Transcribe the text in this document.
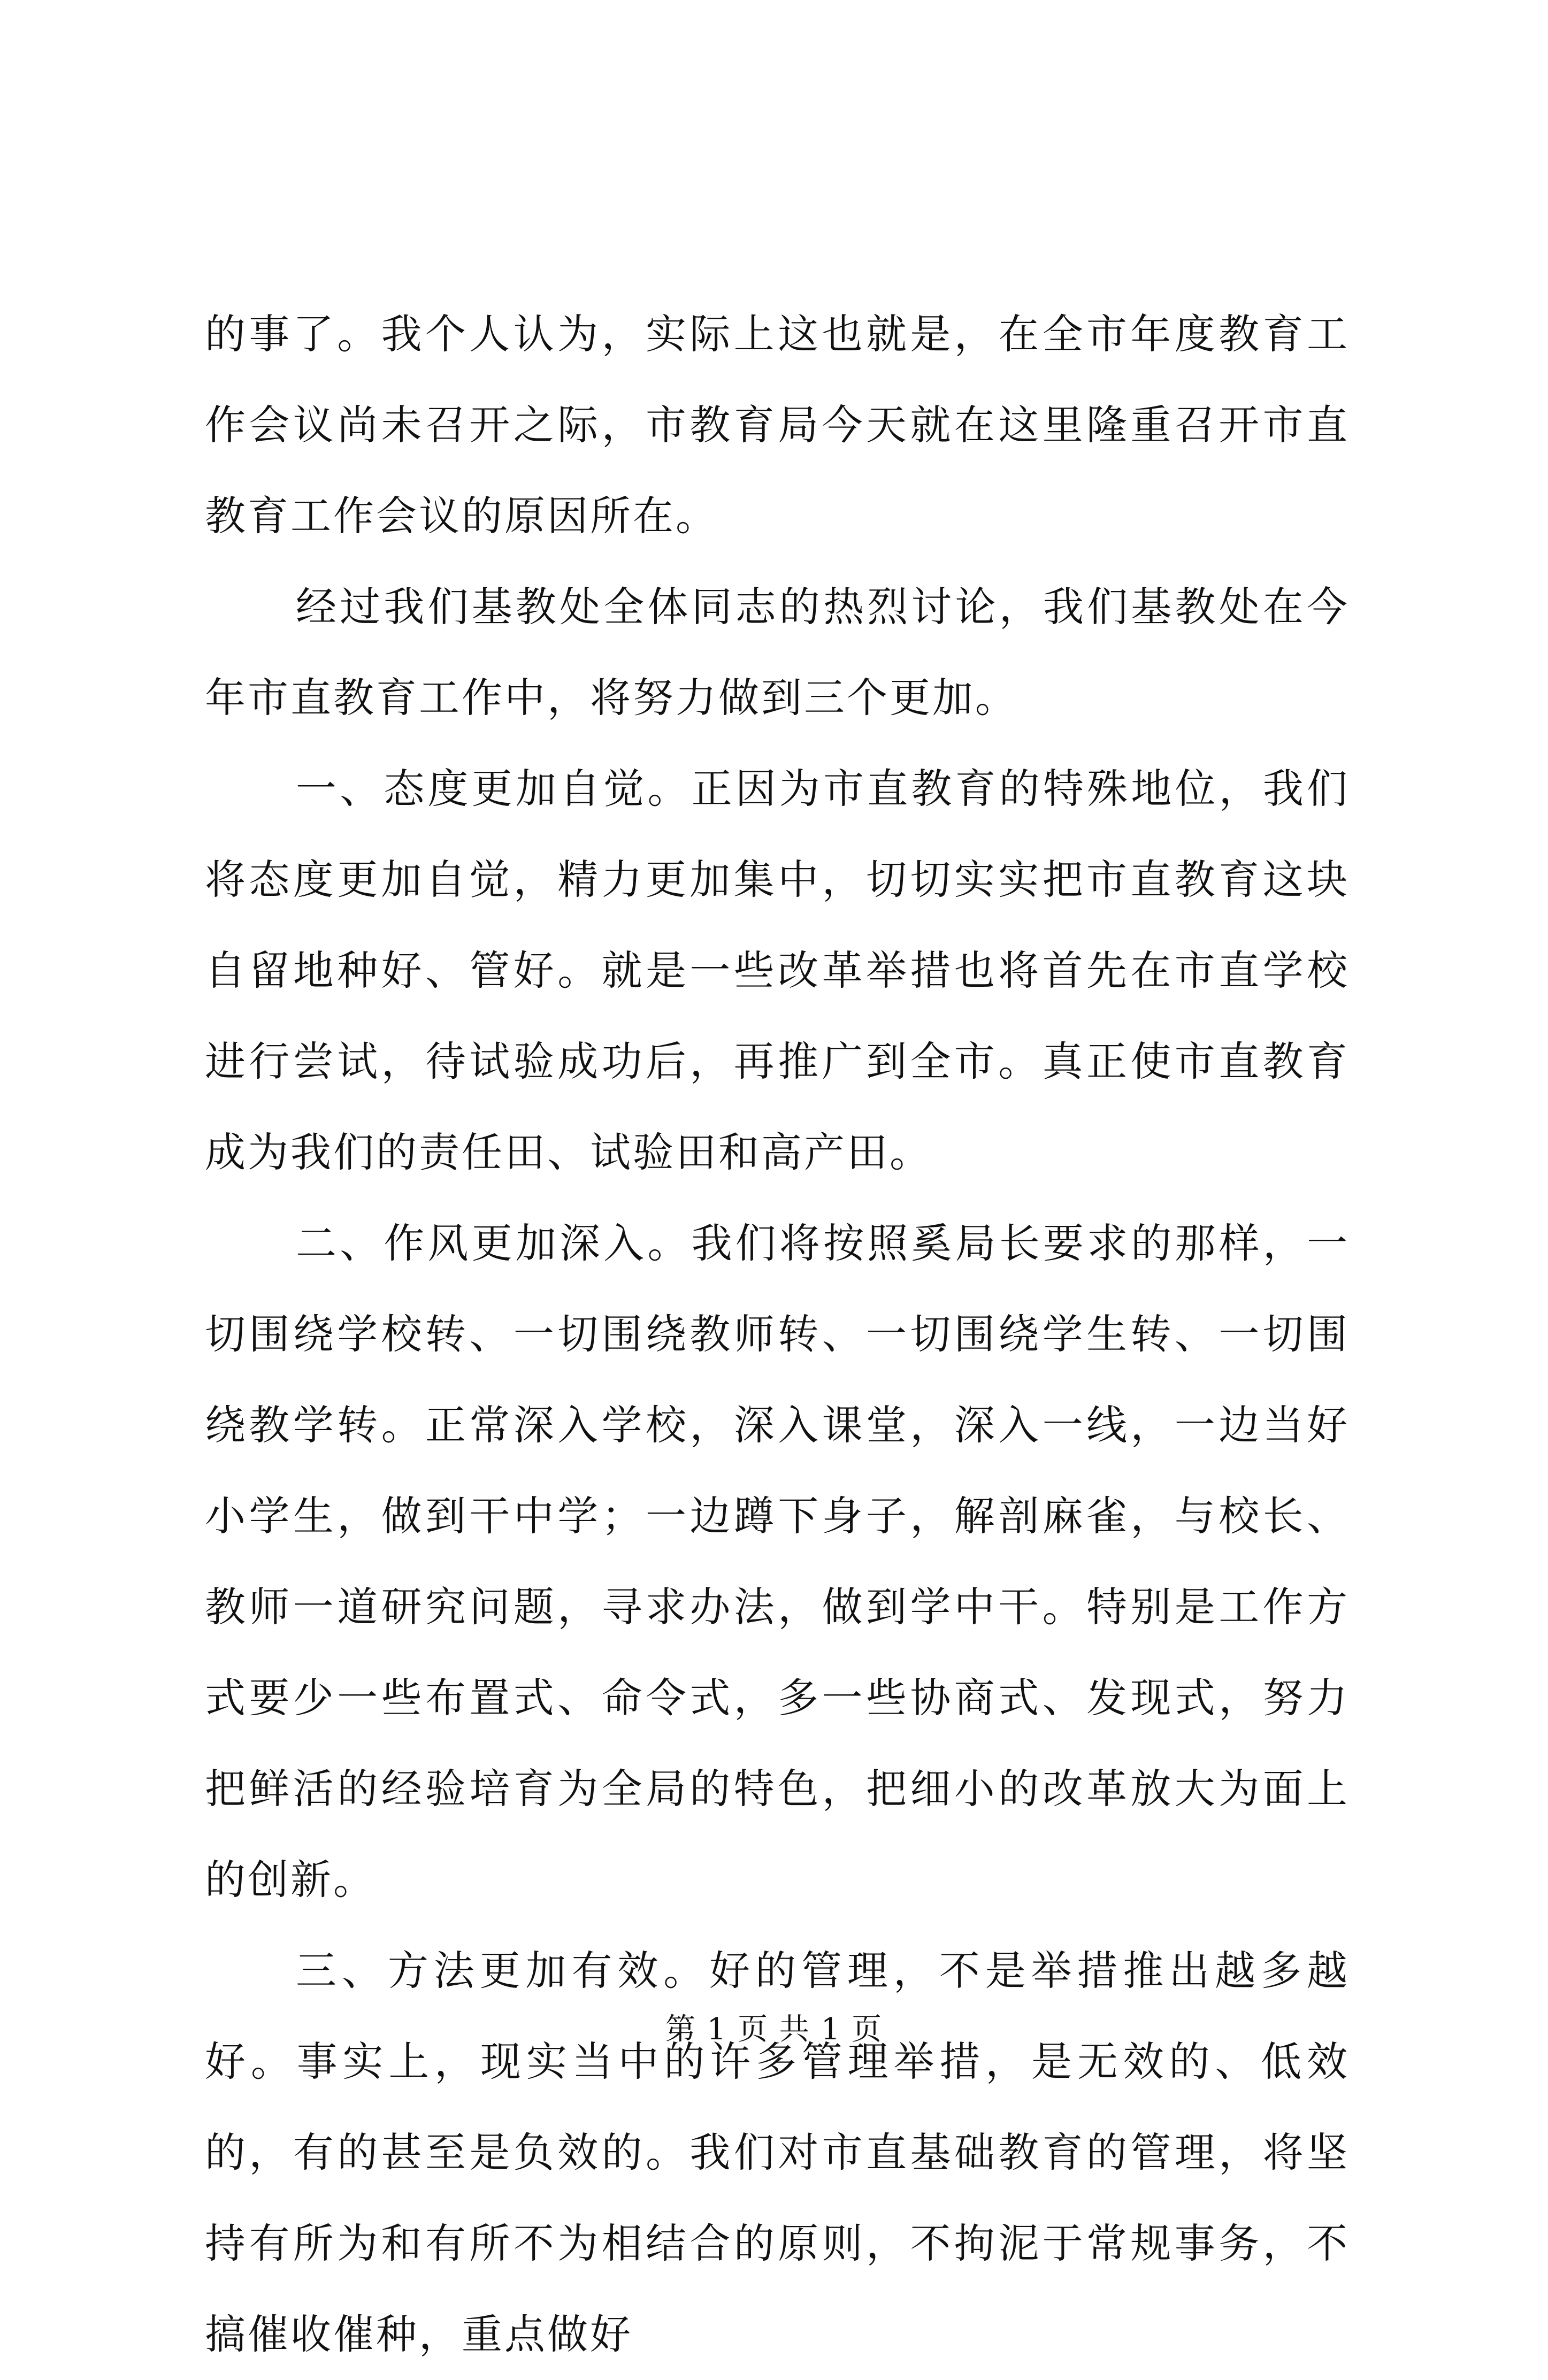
的事了。我个人认为，实际上这也就是，在全市年度教育工作会议尚未召开之际，市教育局今天就在这里隆重召开市直教育工作会议的原因所在。

经过我们基教处全体同志的热烈讨论，我们基教处在今年市直教育工作中，将努力做到三个更加。

一、态度更加自觉。正因为市直教育的特殊地位，我们将态度更加自觉，精力更加集中，切切实实把市直教育这块自留地种好、管好。就是一些改革举措也将首先在市直学校进行尝试，待试验成功后，再推广到全市。真正使市直教育成为我们的责任田、试验田和高产田。

二、作风更加深入。我们将按照奚局长要求的那样，一切围绕学校转、一切围绕教师转、一切围绕学生转、一切围绕教学转。正常深入学校，深入课堂，深入一线，一边当好小学生，做到干中学；一边蹲下身子，解剖麻雀，与校长、教师一道研究问题，寻求办法，做到学中干。特别是工作方式要少一些布置式、命令式，多一些协商式、发现式，努力把鲜活的经验培育为全局的特色，把细小的改革放大为面上的创新。

三、方法更加有效。好的管理，不是举措推出越多越好。事实上，现实当中的许多管理举措，是无效的、低效的，有的甚至是负效的。我们对市直基础教育的管理，将坚持有所为和有所不为相结合的原则，不拘泥于常规事务，不搞催收催种，重点做好

第 1 页 共 1 页
